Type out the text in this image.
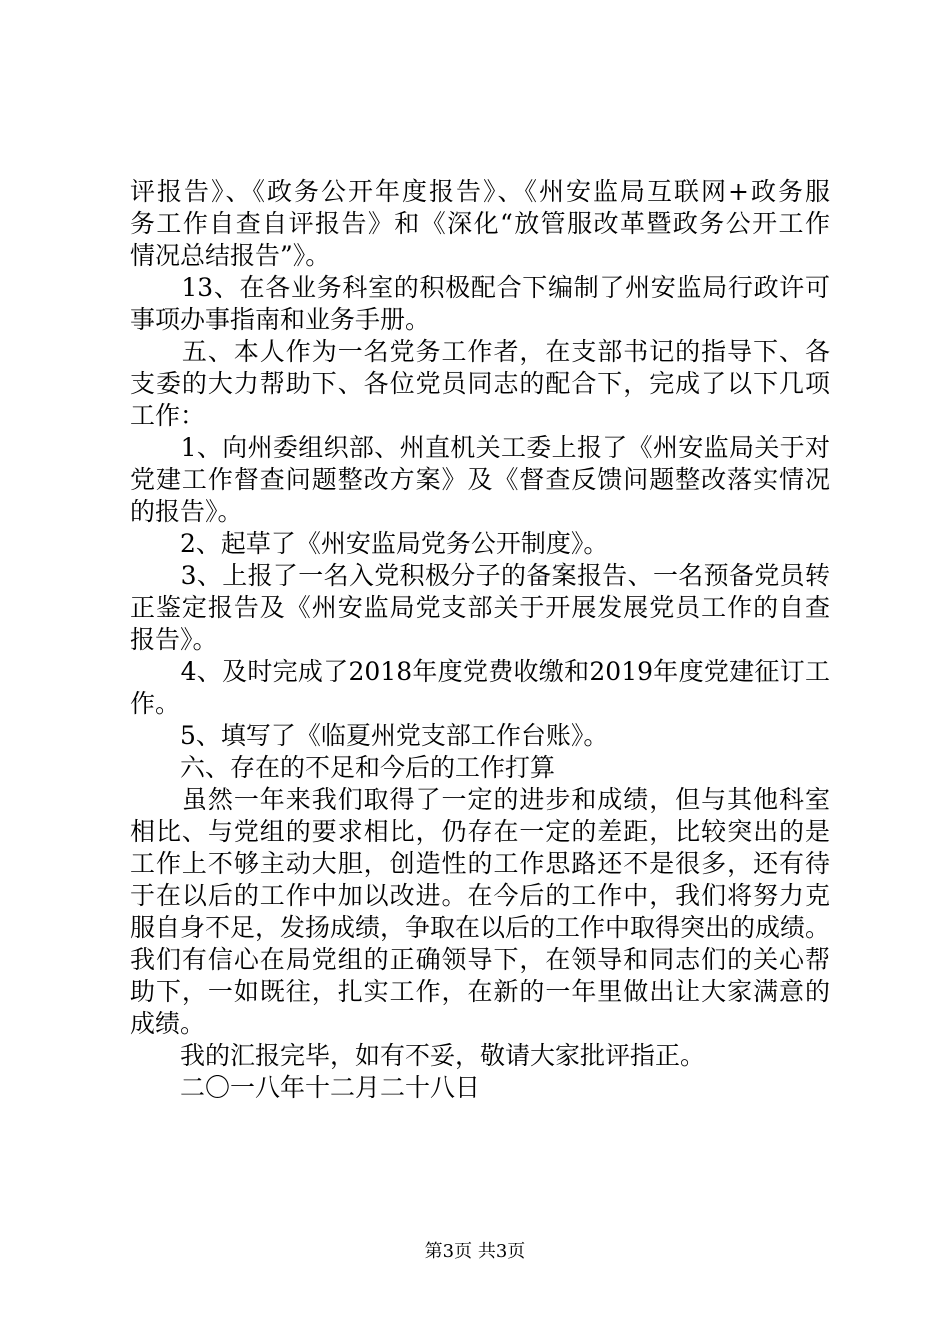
评报告》、《政务公开年度报告》、《州安监局互联网+政务服
务工作自查自评报告》和《深化“放管服改革暨政务公开工作
情况总结报告”》。
　　13、在各业务科室的积极配合下编制了州安监局行政许可
事项办事指南和业务手册。
　　五、本人作为一名党务工作者，在支部书记的指导下、各
支委的大力帮助下、各位党员同志的配合下，完成了以下几项
工作：
　　1、向州委组织部、州直机关工委上报了《州安监局关于对
党建工作督查问题整改方案》及《督查反馈问题整改落实情况
的报告》。
　　2、起草了《州安监局党务公开制度》。
　　3、上报了一名入党积极分子的备案报告、一名预备党员转
正鉴定报告及《州安监局党支部关于开展发展党员工作的自查
报告》。
　　4、及时完成了2018年度党费收缴和2019年度党建征订工
作。
　　5、填写了《临夏州党支部工作台账》。
　　六、存在的不足和今后的工作打算
　　虽然一年来我们取得了一定的进步和成绩，但与其他科室
相比、与党组的要求相比，仍存在一定的差距，比较突出的是
工作上不够主动大胆，创造性的工作思路还不是很多，还有待
于在以后的工作中加以改进。在今后的工作中，我们将努力克
服自身不足，发扬成绩，争取在以后的工作中取得突出的成绩。
我们有信心在局党组的正确领导下，在领导和同志们的关心帮
助下，一如既往，扎实工作，在新的一年里做出让大家满意的
成绩。
　　我的汇报完毕，如有不妥，敬请大家批评指正。
　　二〇一八年十二月二十八日
第3页 共3页
